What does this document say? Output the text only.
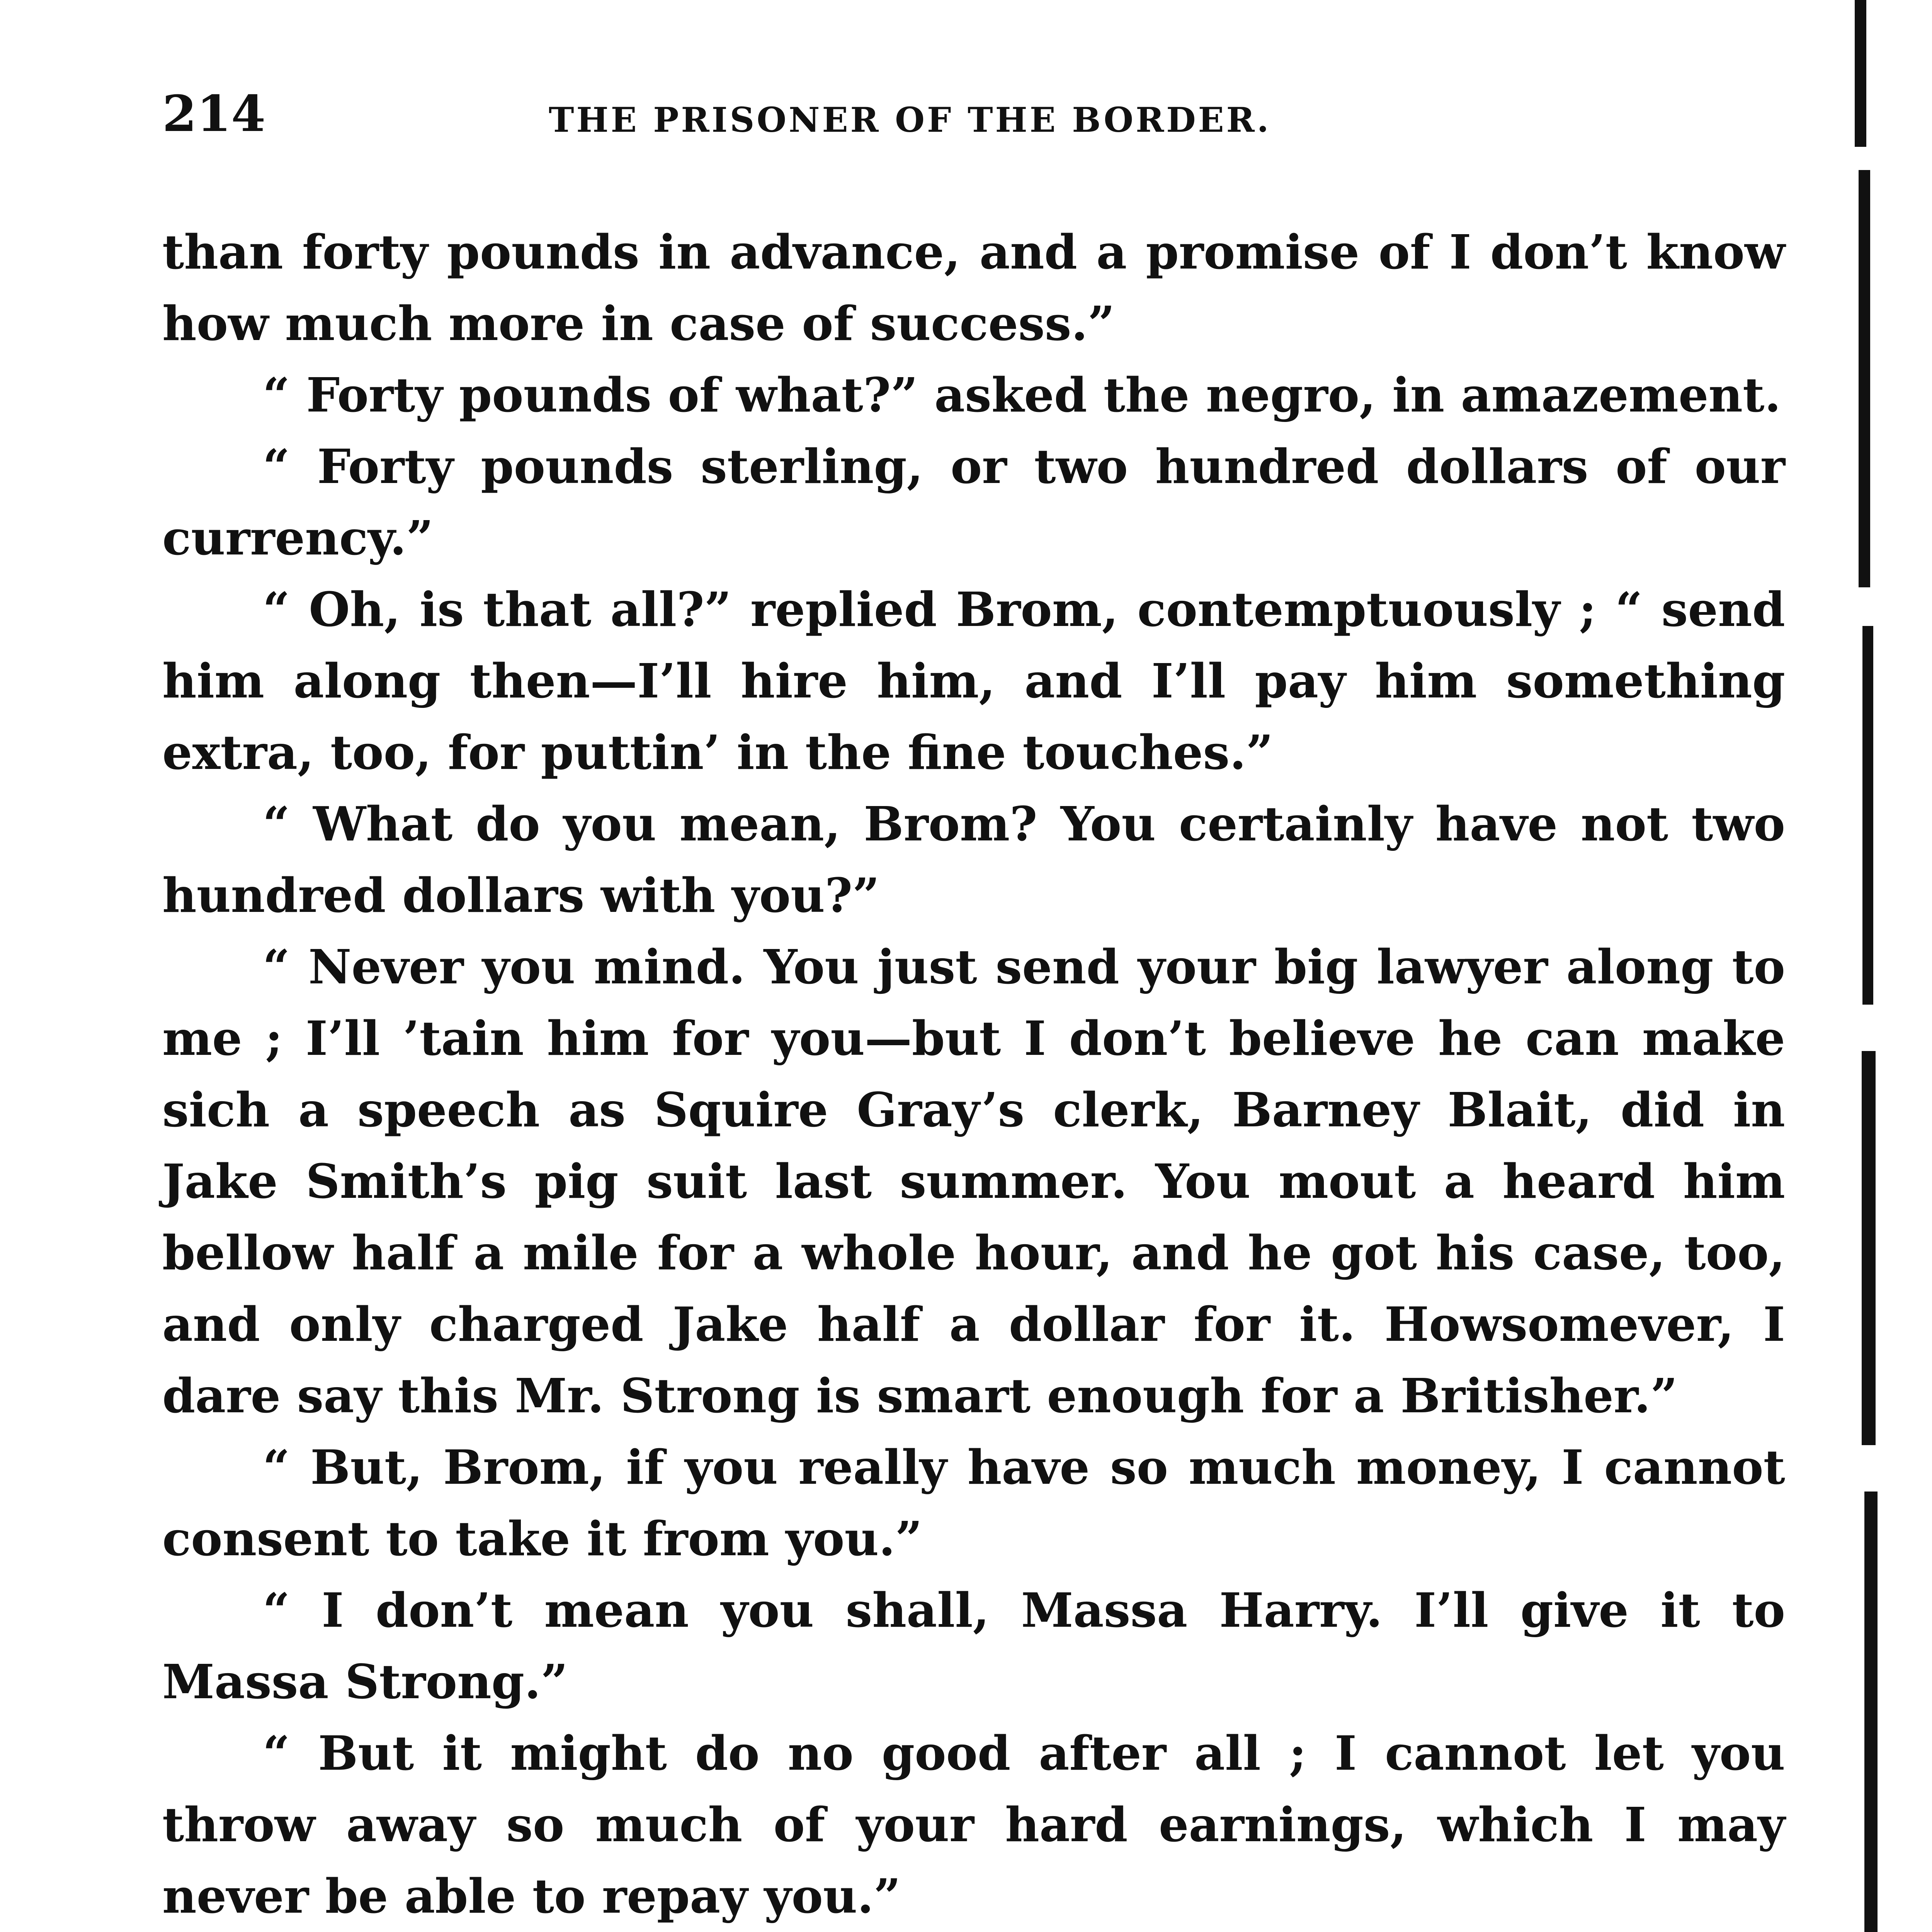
214	THE PRISONER OF THE BORDER.

than forty pounds in advance, and a promise of I don’t know how much more in case of success.”

“ Forty pounds of what?” asked the negro, in amazement.

“ Forty pounds sterling, or two hundred dollars of our currency.”

“ Oh, is that all?” replied Brom, contemptuously ; “ send him along then—I’ll hire him, and I’ll pay him something extra, too, for puttin’ in the fine touches.”

“ What do you mean, Brom? You certainly have not two hundred dollars with you?”

“ Never you mind. You just send your big lawyer along to me ; I’ll ’tain him for you—but I don’t believe he can make sich a speech as Squire Gray’s clerk, Barney Blait, did in Jake Smith’s pig suit last summer. You mout a heard him bellow half a mile for a whole hour, and he got his case, too, and only charged Jake half a dollar for it. Howsomever, I dare say this Mr. Strong is smart enough for a Britisher.”

“ But, Brom, if you really have so much money, I cannot consent to take it from you.”

“ I don’t mean you shall, Massa Harry. I’ll give it to Massa Strong.”

“ But it might do no good after all ; I cannot let you throw away so much of your hard earnings, which I may never be able to repay you.”
